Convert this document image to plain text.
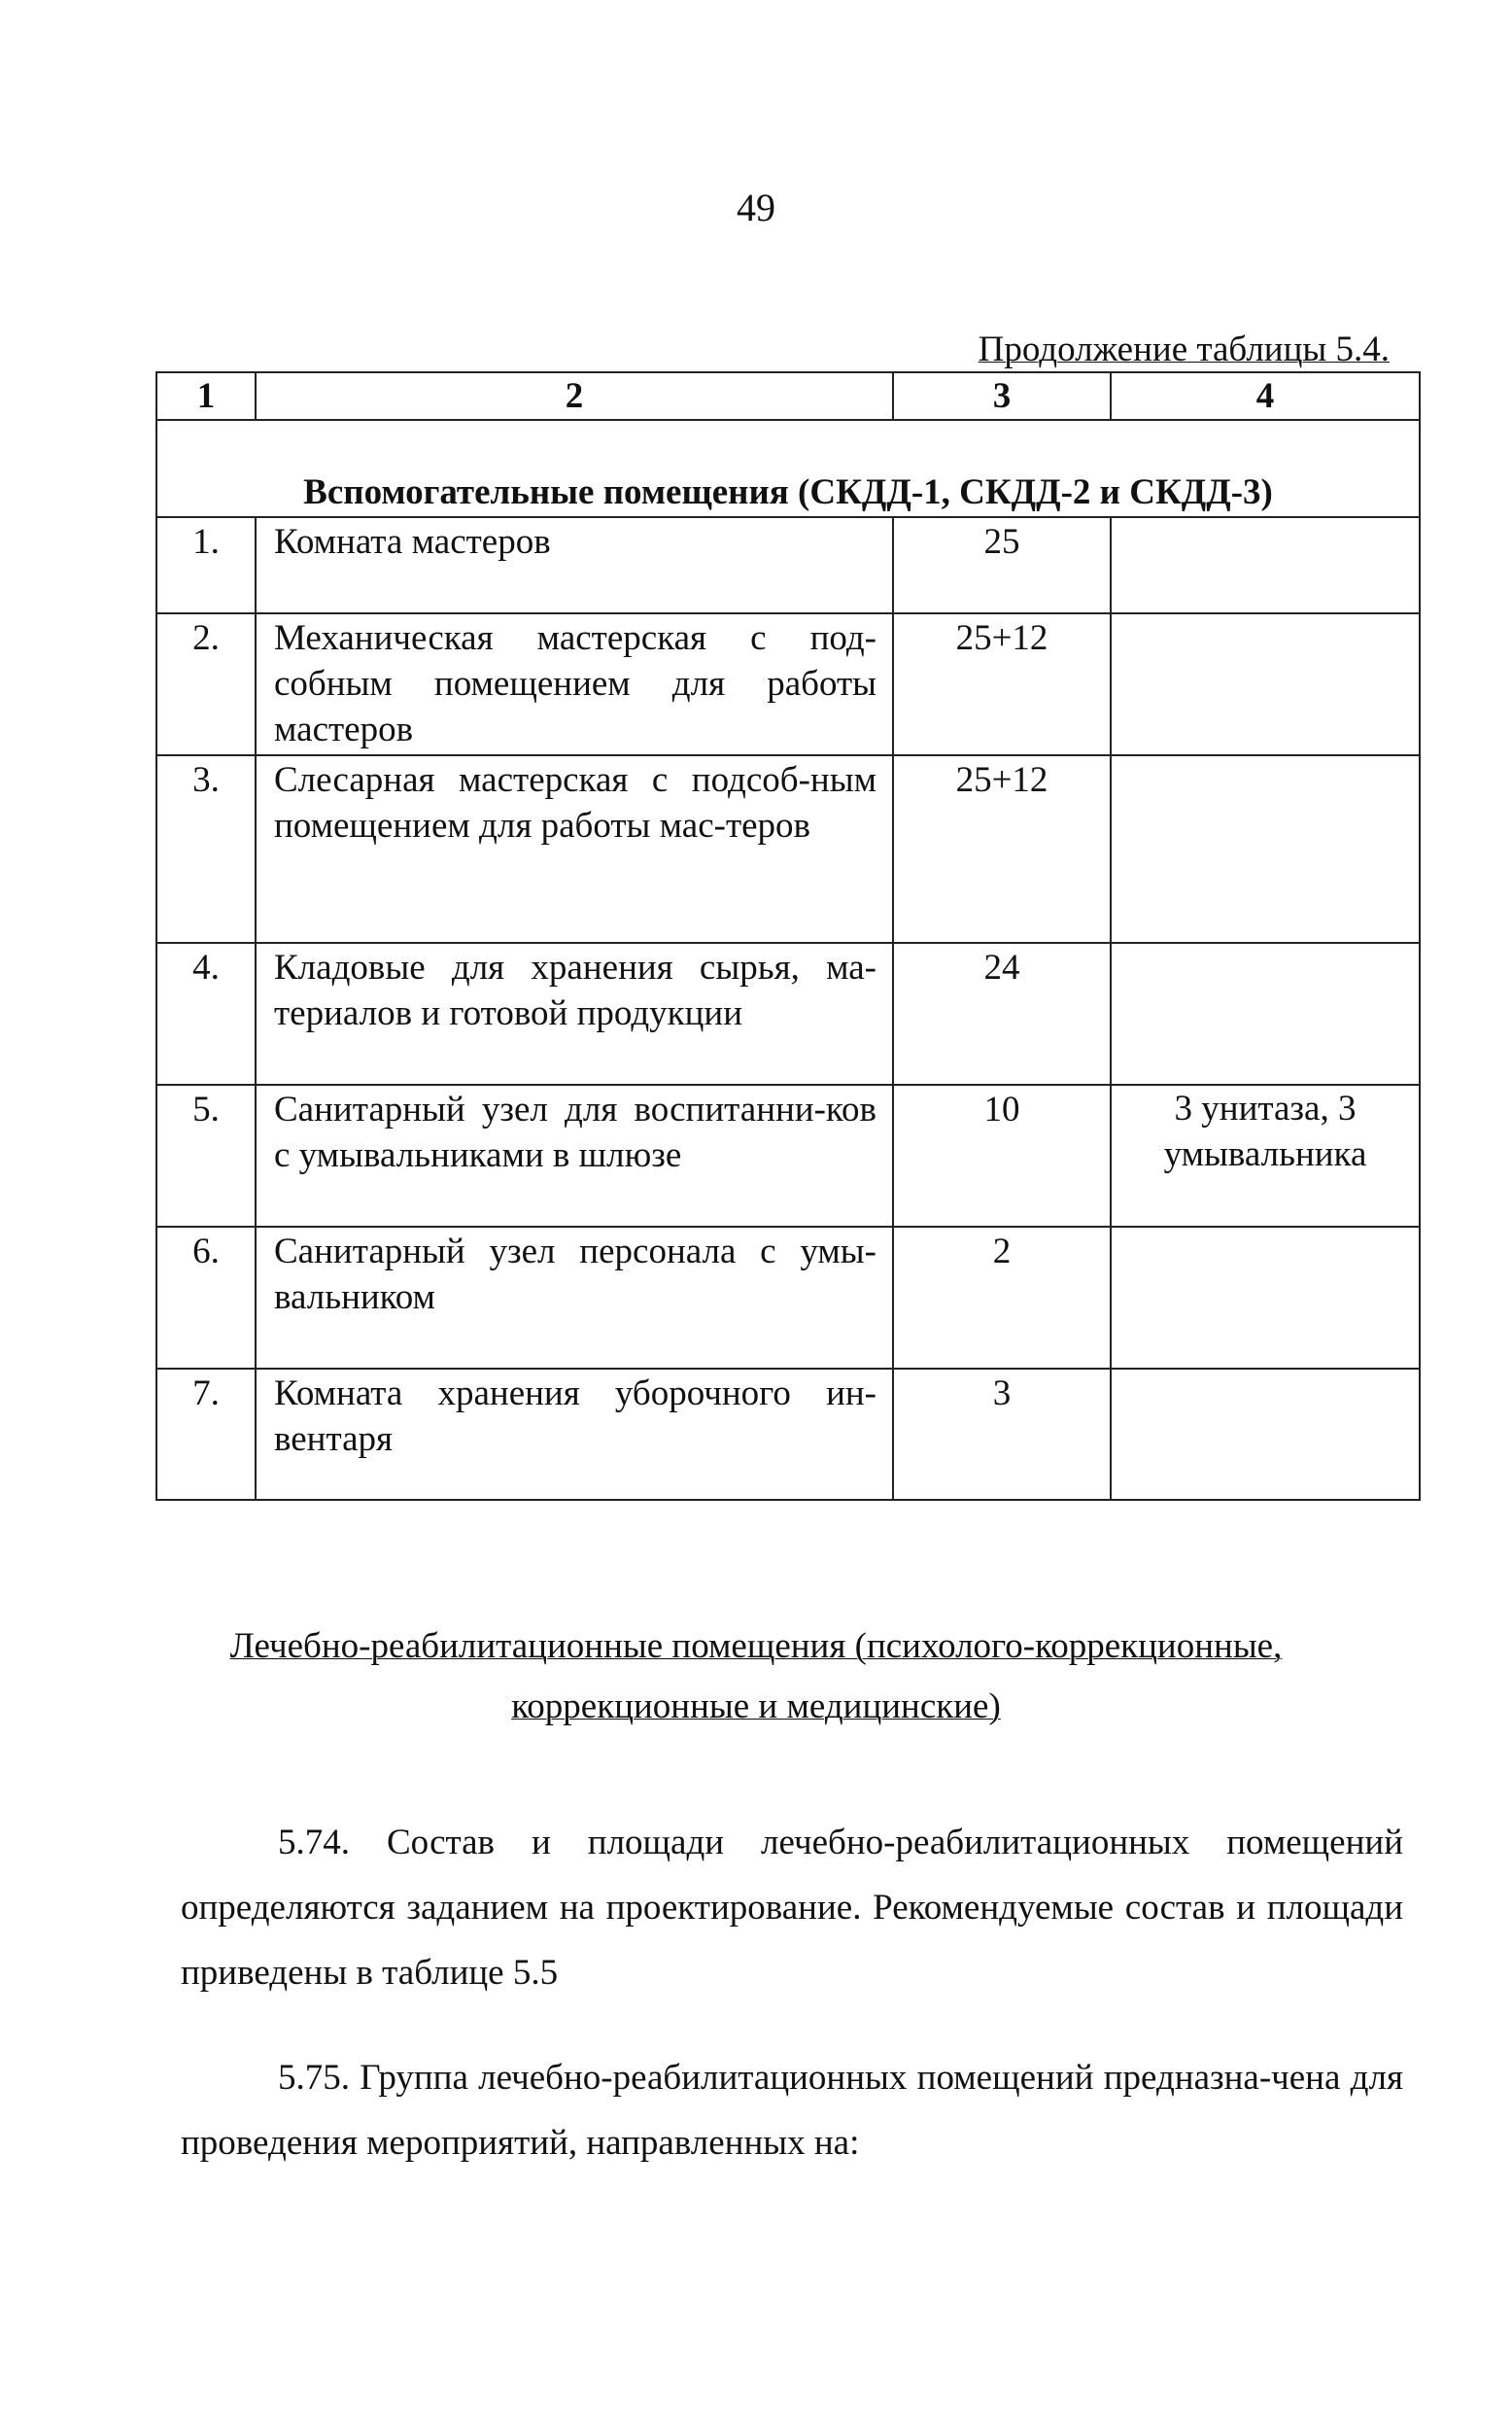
49
Продолжение таблицы 5.4.
1	2	3	4
Вспомогательные помещения (СКДД-1, СКДД-2 и СКДД-3)			
1.	Комната мастеров	25	
2.	Механическая мастерская с под-собным помещением для работы мастеров	25+12	
3.	Слесарная мастерская с подсоб-ным помещением для работы мас-теров	25+12	
4.	Кладовые для хранения сырья, ма-териалов и готовой продукции	24	
5.	Санитарный узел для воспитанни-ков с умывальниками в шлюзе	10	3 унитаза, 3 умывальника
6.	Санитарный узел персонала с умы-вальником	2	
7.	Комната хранения уборочного ин-вентаря	3	
Лечебно-реабилитационные помещения (психолого-коррекционные,
коррекционные и медицинские)
5.74. Состав и площади лечебно-реабилитационных помещений определяются заданием на проектирование. Рекомендуемые состав и площади приведены в таблице 5.5
5.75. Группа лечебно-реабилитационных помещений предназна-чена для проведения мероприятий, направленных на:
